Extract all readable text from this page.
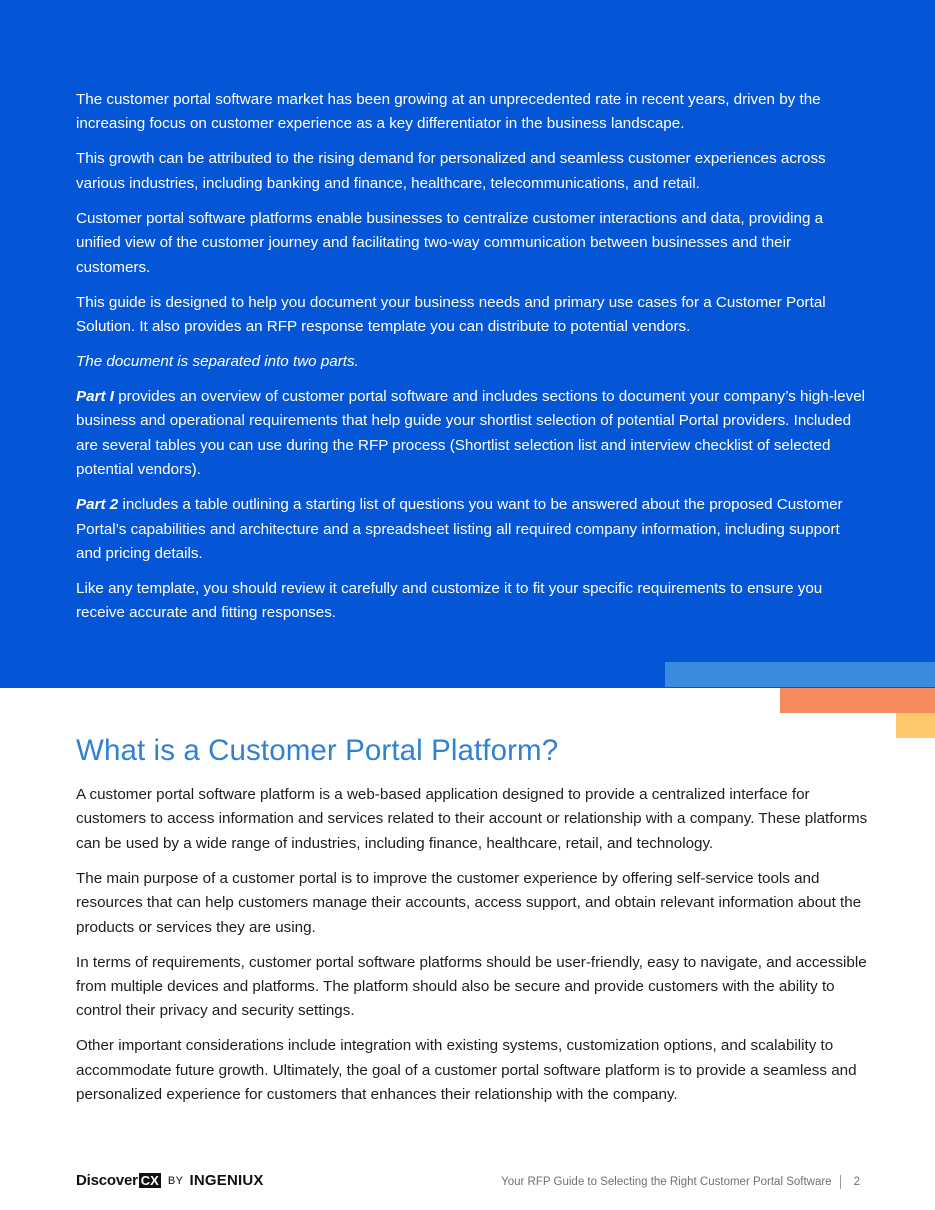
The customer portal software market has been growing at an unprecedented rate in recent years, driven by the increasing focus on customer experience as a key differentiator in the business landscape.

This growth can be attributed to the rising demand for personalized and seamless customer experiences across various industries, including banking and finance, healthcare, telecommunications, and retail.

Customer portal software platforms enable businesses to centralize customer interactions and data, providing a unified view of the customer journey and facilitating two-way communication between businesses and their customers.

This guide is designed to help you document your business needs and primary use cases for a Customer Portal Solution. It also provides an RFP response template you can distribute to potential vendors.

The document is separated into two parts.

Part I provides an overview of customer portal software and includes sections to document your company’s high-level business and operational requirements that help guide your shortlist selection of potential Portal providers. Included are several tables you can use during the RFP process (Shortlist selection list and interview checklist of selected potential vendors).

Part 2 includes a table outlining a starting list of questions you want to be answered about the proposed Customer Portal’s capabilities and architecture and a spreadsheet listing all required company information, including support and pricing details.

Like any template, you should review it carefully and customize it to fit your specific requirements to ensure you receive accurate and fitting responses.

What is a Customer Portal Platform?

A customer portal software platform is a web-based application designed to provide a centralized interface for customers to access information and services related to their account or relationship with a company. These platforms can be used by a wide range of industries, including finance, healthcare, retail, and technology.

The main purpose of a customer portal is to improve the customer experience by offering self-service tools and resources that can help customers manage their accounts, access support, and obtain relevant information about the products or services they are using.

In terms of requirements, customer portal software platforms should be user-friendly, easy to navigate, and accessible from multiple devices and platforms. The platform should also be secure and provide customers with the ability to control their privacy and security settings.

Other important considerations include integration with existing systems, customization options, and scalability to accommodate future growth. Ultimately, the goal of a customer portal software platform is to provide a seamless and personalized experience for customers that enhances their relationship with the company.

Discover CX BY INGENIUX	Your RFP Guide to Selecting the Right Customer Portal Software 2
